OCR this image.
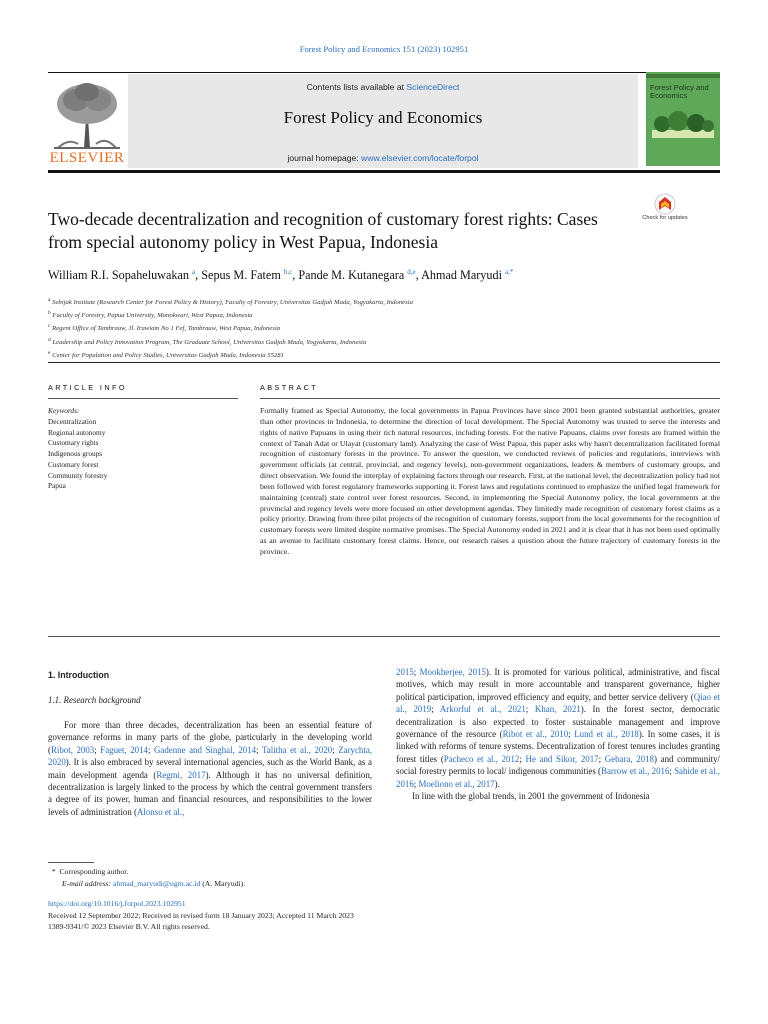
Forest Policy and Economics 151 (2023) 102951
ELSEVIER
Contents lists available at ScienceDirect
Forest Policy and Economics
journal homepage: www.elsevier.com/locate/forpol
Forest Policy and Economics
Two-decade decentralization and recognition of customary forest rights: Cases from special autonomy policy in West Papua, Indonesia
Check for updates
William R.I. Sopaheluwakan $^a$, Sepus M. Fatem $^{b,c}$, Pande M. Kutanegara $^{d,e}$, Ahmad Maryudi $^{a,*}$
$^a$ Sebijak Institute (Research Center for Forest Policy & History), Faculty of Forestry, Universitas Gadjah Mada, Yogyakarta, Indonesia
$^b$ Faculty of Forestry, Papua University, Manokwari, West Papua, Indonesia
$^c$ Regent Office of Tambrauw, Jl. Irawiam No 1 Fef, Tambrauw, West Papua, Indonesia
$^d$ Leadership and Policy Innovation Program, The Graduate School, Universitas Gadjah Mada, Yogyakarta, Indonesia
$^e$ Center for Population and Policy Studies, Universitas Gadjah Mada, Indonesia 55281
ARTICLE INFO
Keywords:
Decentralization
Regional autonomy
Customary rights
Indigenous groups
Customary forest
Community forestry
Papua
ABSTRACT
Formally framed as Special Autonomy, the local governments in Papua Provinces have since 2001 been granted substantial authorities, greater than other provinces in Indonesia, to determine the direction of local development. The Special Autonomy was trusted to serve the interests and rights of native Papuans in using their rich natural resources, including forests. For the native Papuans, claims over forests are framed within the context of Tanah Adat or Ulayat (customary land). Analyzing the case of West Papua, this paper asks why hasn't decentralization facilitated formal recognition of customary forests in the province. To answer the question, we conducted reviews of policies and regulations, interviews with government officials (at central, provincial, and regency levels), non-government organizations, leaders & members of customary groups, and direct observation. We found the interplay of explaining factors through our research. First, at the national level, the decentralization policy had not been followed with forest regulatory frameworks supporting it. Forest laws and regulations continued to emphasize the unified legal framework for maintaining (central) state control over forest resources. Second, in implementing the Special Autonomy policy, the local governments at the provincial and regency levels were more focused on other development agendas. They limitedly made recognition of customary forest claims as a policy priority. Drawing from three pilot projects of the recognition of customary forests, support from the local governments for the recognition of customary forests were limited despite normative promises. The Special Autonomy ended in 2021 and it is clear that it has not been used optimally as an avenue to facilitate customary forest claims. Hence, our research raises a question about the future trajectory of customary forests in the province.
1. Introduction
1.1. Research background

For more than three decades, decentralization has been an essential feature of governance reforms in many parts of the globe, particularly in the developing world (Ribot, 2003; Faguet, 2014; Gadenne and Singhal, 2014; Talitha et al., 2020; Zarychta, 2020). It is also embraced by several international agencies, such as the World Bank, as a main development agenda (Regmi, 2017). Although it has no universal definition, decentralization is largely linked to the process by which the central government transfers a degree of its power, human and financial resources, and responsibilities to the lower levels of administration (Alonso et al.,

2015; Mookherjee, 2015). It is promoted for various political, administrative, and fiscal motives, which may result in more accountable and transparent governance, higher political participation, improved efficiency and equity, and better service delivery (Qiao et al., 2019; Arkorful et al., 2021; Khan, 2021). In the forest sector, democratic decentralization is also expected to foster sustainable management and improve governance of the resource (Ribot et al., 2010; Lund et al., 2018). In some cases, it is linked with reforms of tenure systems. Decentralization of forest tenures includes granting forest titles (Pacheco et al., 2012; He and Sikor, 2017; Gebara, 2018) and community/ social forestry permits to local/ indigenous communities (Barrow et al., 2016; Sahide et al., 2016; Moeliono et al., 2017).

In line with the global trends, in 2001 the government of Indonesia

* Corresponding author.
E-mail address: ahmad_maryudi@ugm.ac.id (A. Maryudi).
https://doi.org/10.1016/j.forpol.2023.102951
Received 12 September 2022; Received in revised form 18 January 2023; Accepted 11 March 2023
1389-9341/© 2023 Elsevier B.V. All rights reserved.
